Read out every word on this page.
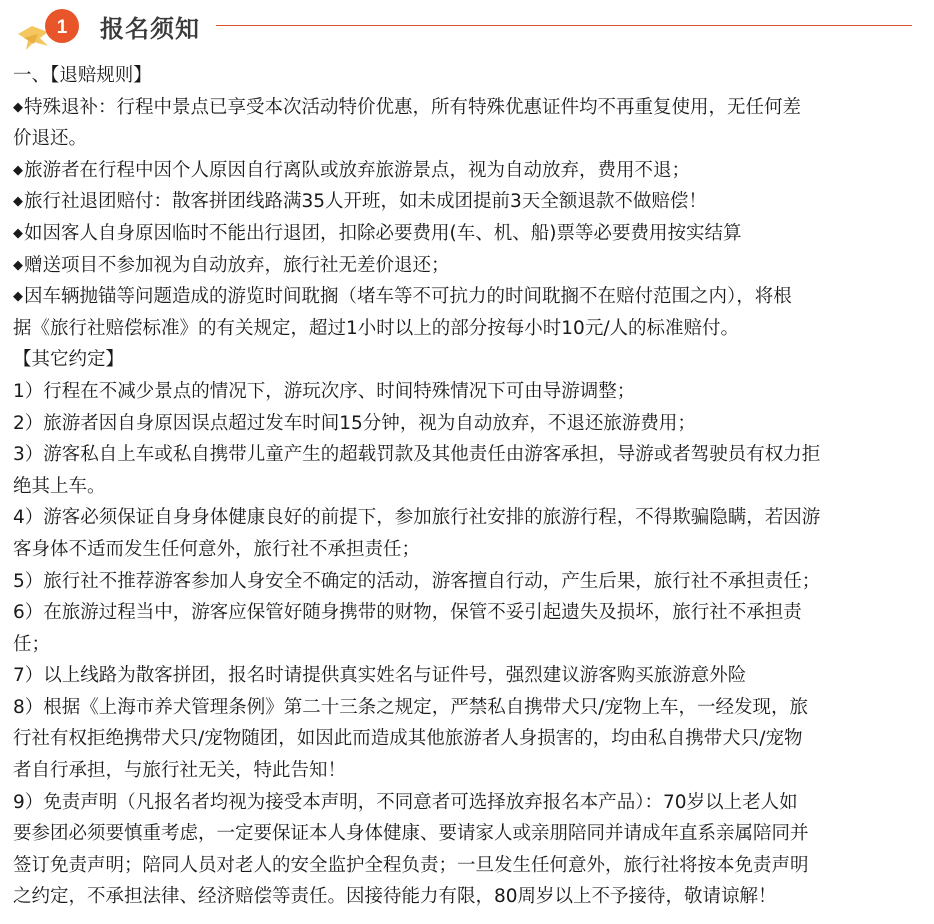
1 报名须知
一、【退赔规则】
◆特殊退补：行程中景点已享受本次活动特价优惠，所有特殊优惠证件均不再重复使用，无任何差
价退还。
◆旅游者在行程中因个人原因自行离队或放弃旅游景点，视为自动放弃，费用不退；
◆旅行社退团赔付：散客拼团线路满35人开班，如未成团提前3天全额退款不做赔偿！
◆如因客人自身原因临时不能出行退团，扣除必要费用(车、机、船)票等必要费用按实结算
◆赠送项目不参加视为自动放弃，旅行社无差价退还；
◆因车辆抛锚等问题造成的游览时间耽搁（堵车等不可抗力的时间耽搁不在赔付范围之内），将根
据《旅行社赔偿标准》的有关规定，超过1小时以上的部分按每小时10元/人的标准赔付。
【其它约定】
1）行程在不减少景点的情况下，游玩次序、时间特殊情况下可由导游调整；
2）旅游者因自身原因误点超过发车时间15分钟，视为自动放弃，不退还旅游费用；
3）游客私自上车或私自携带儿童产生的超载罚款及其他责任由游客承担，导游或者驾驶员有权力拒
绝其上车。
4）游客必须保证自身身体健康良好的前提下，参加旅行社安排的旅游行程，不得欺骗隐瞒，若因游
客身体不适而发生任何意外，旅行社不承担责任；
5）旅行社不推荐游客参加人身安全不确定的活动，游客擅自行动，产生后果，旅行社不承担责任；
6）在旅游过程当中，游客应保管好随身携带的财物，保管不妥引起遗失及损坏，旅行社不承担责
任；
7）以上线路为散客拼团，报名时请提供真实姓名与证件号，强烈建议游客购买旅游意外险
8）根据《上海市养犬管理条例》第二十三条之规定，严禁私自携带犬只/宠物上车，一经发现，旅
行社有权拒绝携带犬只/宠物随团，如因此而造成其他旅游者人身损害的，均由私自携带犬只/宠物
者自行承担，与旅行社无关，特此告知！
9）免责声明（凡报名者均视为接受本声明，不同意者可选择放弃报名本产品）：70岁以上老人如
要参团必须要慎重考虑，一定要保证本人身体健康、要请家人或亲朋陪同并请成年直系亲属陪同并
签订免责声明；陪同人员对老人的安全监护全程负责；一旦发生任何意外，旅行社将按本免责声明
之约定，不承担法律、经济赔偿等责任。因接待能力有限，80周岁以上不予接待，敬请谅解！
